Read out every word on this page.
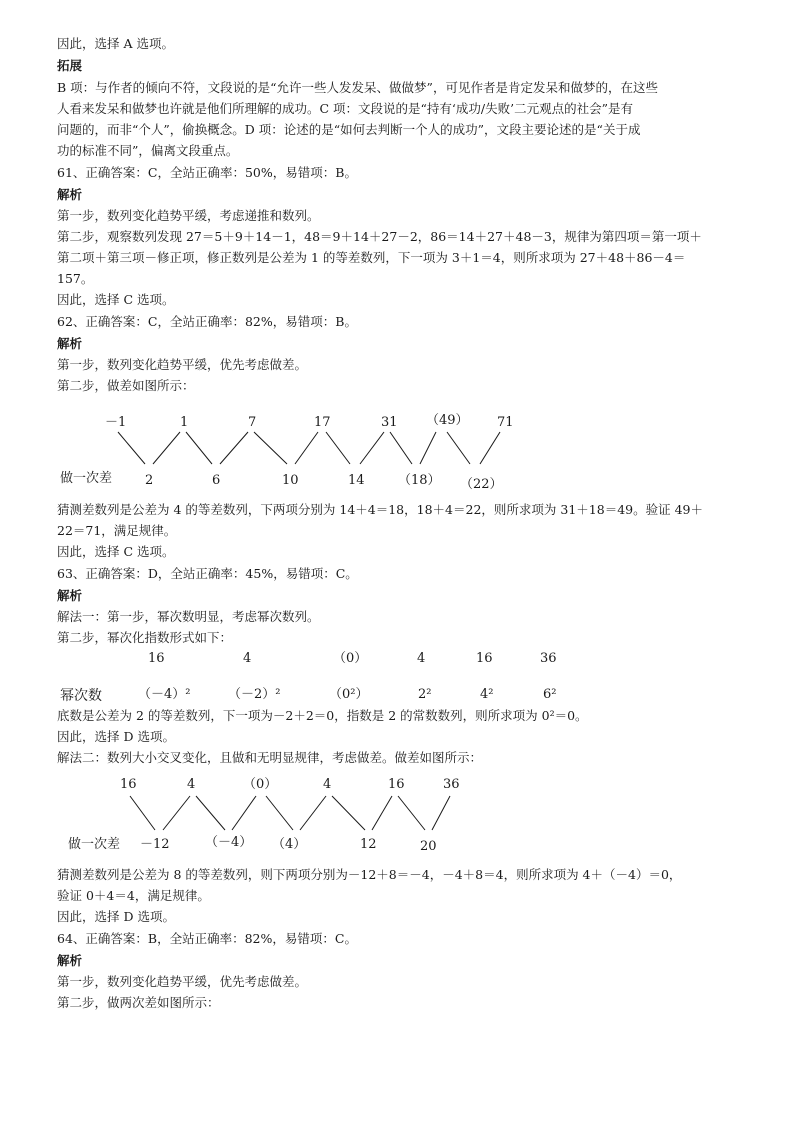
因此，选择 A 选项。
拓展
B 项：与作者的倾向不符，文段说的是“允许一些人发发呆、做做梦”，可见作者是肯定发呆和做梦的，在这些
人看来发呆和做梦也许就是他们所理解的成功。C 项：文段说的是“持有‘成功/失败’二元观点的社会”是有
问题的，而非“个人”，偷换概念。D 项：论述的是“如何去判断一个人的成功”，文段主要论述的是“关于成
功的标准不同”，偏离文段重点。
61、正确答案：C，全站正确率：50%，易错项：B。
解析
第一步，数列变化趋势平缓，考虑递推和数列。
第二步，观察数列发现 27＝5＋9＋14－1，48＝9＋14＋27－2，86＝14＋27＋48－3，规律为第四项＝第一项＋
第二项＋第三项－修正项，修正数列是公差为 1 的等差数列，下一项为 3＋1＝4，则所求项为 27＋48＋86－4＝
157。
因此，选择 C 选项。
62、正确答案：C，全站正确率：82%，易错项：B。
解析
第一步，数列变化趋势平缓，优先考虑做差。
第二步，做差如图所示：
－1	1	7	17	31 （49） 71
做一次差	2	6	10	14	（18） （22）
猜测差数列是公差为 4 的等差数列，下两项分别为 14＋4＝18，18＋4＝22，则所求项为 31＋18＝49。验证 49＋
22＝71，满足规律。
因此，选择 C 选项。
63、正确答案：D，全站正确率：45%，易错项：C。
解析
解法一：第一步，幂次数明显，考虑幂次数列。
第二步，幂次化指数形式如下：
16	4	（0）	4	16	36
幂次数	（－4）²	（－2）²	（0²）	2²	4²	6²
底数是公差为 2 的等差数列，下一项为－2＋2＝0，指数是 2 的常数数列，则所求项为 0²＝0。
因此，选择 D 选项。
解法二：数列大小交叉变化，且做和无明显规律，考虑做差。做差如图所示：
16	4	（0）	4	16	36
做一次差 －12	（－4） （4）	12	20
猜测差数列是公差为 8 的等差数列，则下两项分别为－12＋8＝－4，－4＋8＝4，则所求项为 4＋（－4）＝0，
验证 0＋4＝4，满足规律。
因此，选择 D 选项。
64、正确答案：B，全站正确率：82%，易错项：C。
解析
第一步，数列变化趋势平缓，优先考虑做差。
第二步，做两次差如图所示：
